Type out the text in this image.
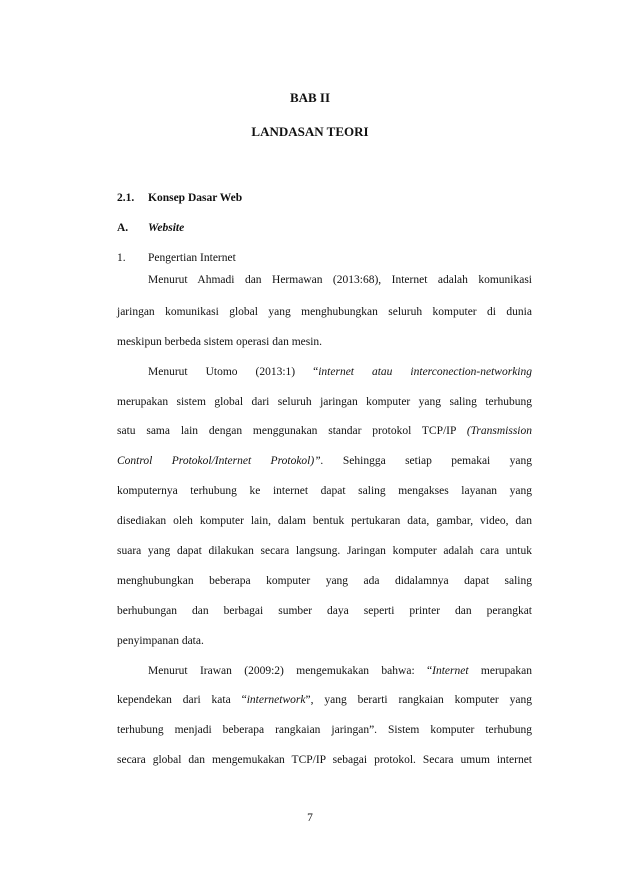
BAB II
LANDASAN TEORI
2.1. Konsep Dasar Web
A. Website
1. Pengertian Internet
Menurut Ahmadi dan Hermawan (2013:68), Internet adalah komunikasi
jaringan komunikasi global yang menghubungkan seluruh komputer di dunia
meskipun berbeda sistem operasi dan mesin.
Menurut Utomo (2013:1) “internet atau interconection-networking
merupakan sistem global dari seluruh jaringan komputer yang saling terhubung
satu sama lain dengan menggunakan standar protokol TCP/IP (Transmission
Control Protokol/Internet Protokol)”. Sehingga setiap pemakai yang
komputernya terhubung ke internet dapat saling mengakses layanan yang
disediakan oleh komputer lain, dalam bentuk pertukaran data, gambar, video, dan
suara yang dapat dilakukan secara langsung. Jaringan komputer adalah cara untuk
menghubungkan beberapa komputer yang ada didalamnya dapat saling
berhubungan dan berbagai sumber daya seperti printer dan perangkat
penyimpanan data.
Menurut Irawan (2009:2) mengemukakan bahwa: “Internet merupakan
kependekan dari kata “internetwork”, yang berarti rangkaian komputer yang
terhubung menjadi beberapa rangkaian jaringan”. Sistem komputer terhubung
secara global dan mengemukakan TCP/IP sebagai protokol. Secara umum internet
7
